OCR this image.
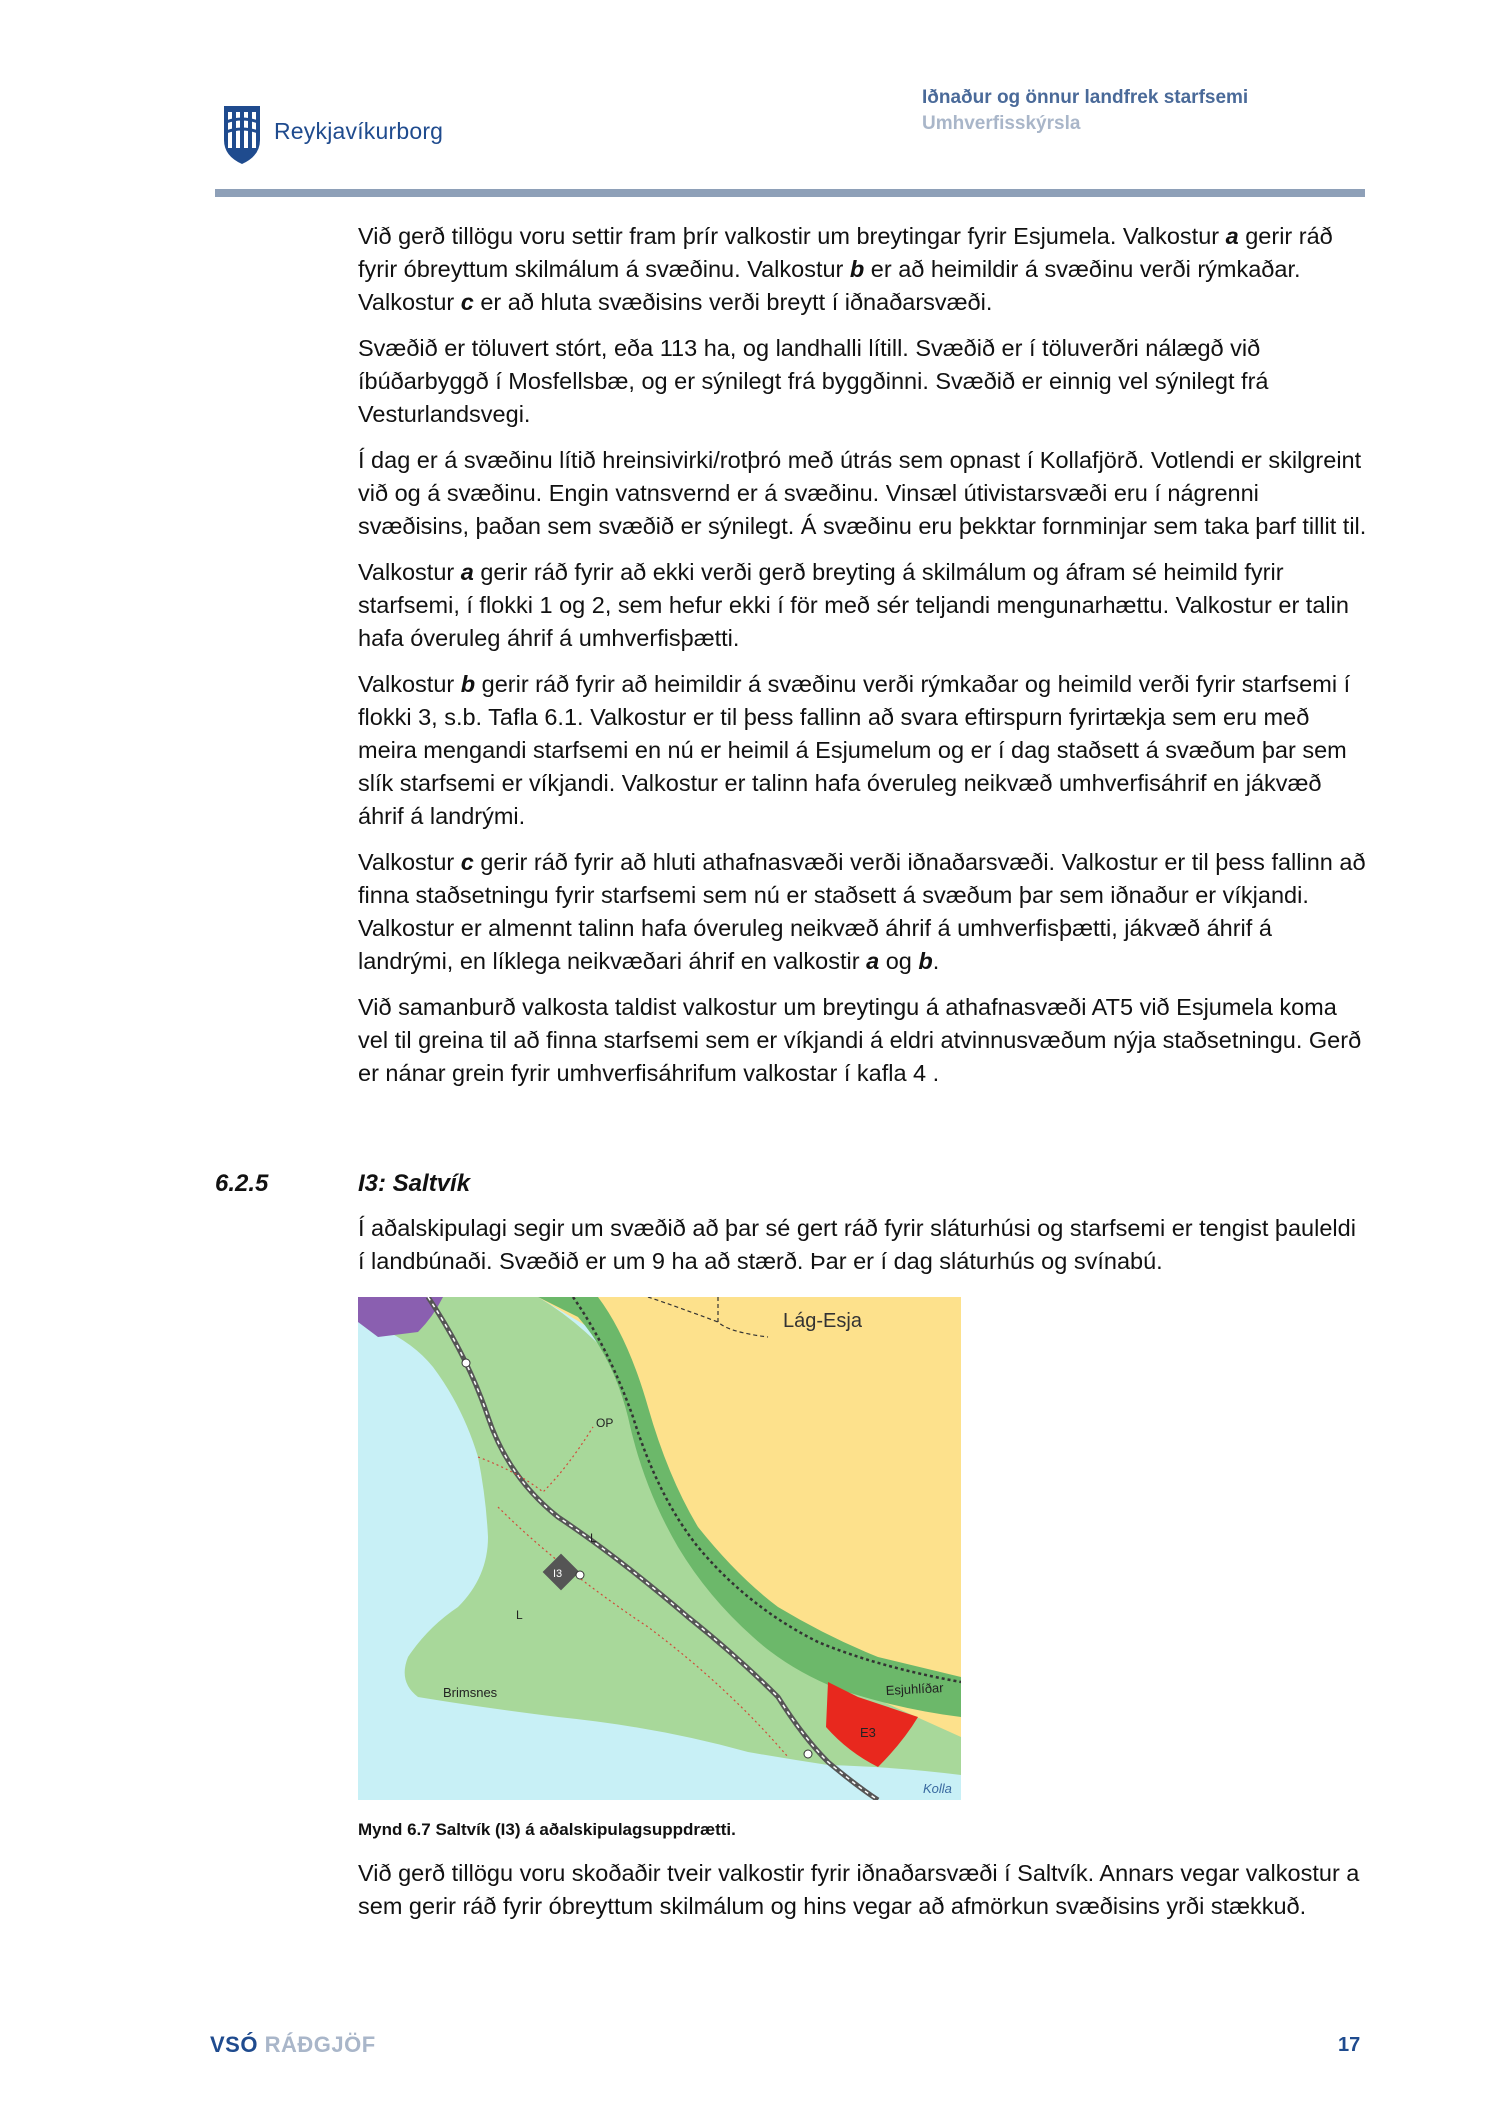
Reykjavíkurborg
Iðnaður og önnur landfrek starfsemi
Umhverfisskýrsla

Við gerð tillögu voru settir fram þrír valkostir um breytingar fyrir Esjumela. Valkostur a gerir ráð fyrir óbreyttum skilmálum á svæðinu. Valkostur b er að heimildir á svæðinu verði rýmkaðar. Valkostur c er að hluta svæðisins verði breytt í iðnaðarsvæði.

Svæðið er töluvert stórt, eða 113 ha, og landhalli lítill. Svæðið er í töluverðri nálægð við íbúðarbyggð í Mosfellsbæ, og er sýnilegt frá byggðinni. Svæðið er einnig vel sýnilegt frá Vesturlandsvegi.

Í dag er á svæðinu lítið hreinsivirki/rotþró með útrás sem opnast í Kollafjörð. Votlendi er skilgreint við og á svæðinu. Engin vatnsvernd er á svæðinu. Vinsæl útivistarsvæði eru í nágrenni svæðisins, þaðan sem svæðið er sýnilegt. Á svæðinu eru þekktar fornminjar sem taka þarf tillit til.

Valkostur a gerir ráð fyrir að ekki verði gerð breyting á skilmálum og áfram sé heimild fyrir starfsemi, í flokki 1 og 2, sem hefur ekki í för með sér teljandi mengunarhættu. Valkostur er talin hafa óveruleg áhrif á umhverfisþætti.

Valkostur b gerir ráð fyrir að heimildir á svæðinu verði rýmkaðar og heimild verði fyrir starfsemi í flokki 3, s.b. Tafla 6.1. Valkostur er til þess fallinn að svara eftirspurn fyrirtækja sem eru með meira mengandi starfsemi en nú er heimil á Esjumelum og er í dag staðsett á svæðum þar sem slík starfsemi er víkjandi. Valkostur er talinn hafa óveruleg neikvæð umhverfisáhrif en jákvæð áhrif á landrými.

Valkostur c gerir ráð fyrir að hluti athafnasvæði verði iðnaðarsvæði. Valkostur er til þess fallinn að finna staðsetningu fyrir starfsemi sem nú er staðsett á svæðum þar sem iðnaður er víkjandi. Valkostur er almennt talinn hafa óveruleg neikvæð áhrif á umhverfisþætti, jákvæð áhrif á landrými, en líklega neikvæðari áhrif en valkostir a og b.

Við samanburð valkosta taldist valkostur um breytingu á athafnasvæði AT5 við Esjumela koma vel til greina til að finna starfsemi sem er víkjandi á eldri atvinnusvæðum nýja staðsetningu. Gerð er nánar grein fyrir umhverfisáhrifum valkostar í kafla 4 .

6.2.5	I3: Saltvík

Í aðalskipulagi segir um svæðið að þar sé gert ráð fyrir sláturhúsi og starfsemi er tengist þauleldi í landbúnaði. Svæðið er um 9 ha að stærð. Þar er í dag sláturhús og svínabú.

Lág-Esja
OP
L
I3
L
Brimsnes	Esjuhlíðar
E3
Kolla
Mynd 6.7 Saltvík (I3) á aðalskipulagsuppdrætti.

Við gerð tillögu voru skoðaðir tveir valkostir fyrir iðnaðarsvæði í Saltvík. Annars vegar valkostur a sem gerir ráð fyrir óbreyttum skilmálum og hins vegar að afmörkun svæðisins yrði stækkuð.

VSÓ RÁÐGJÖF	17
